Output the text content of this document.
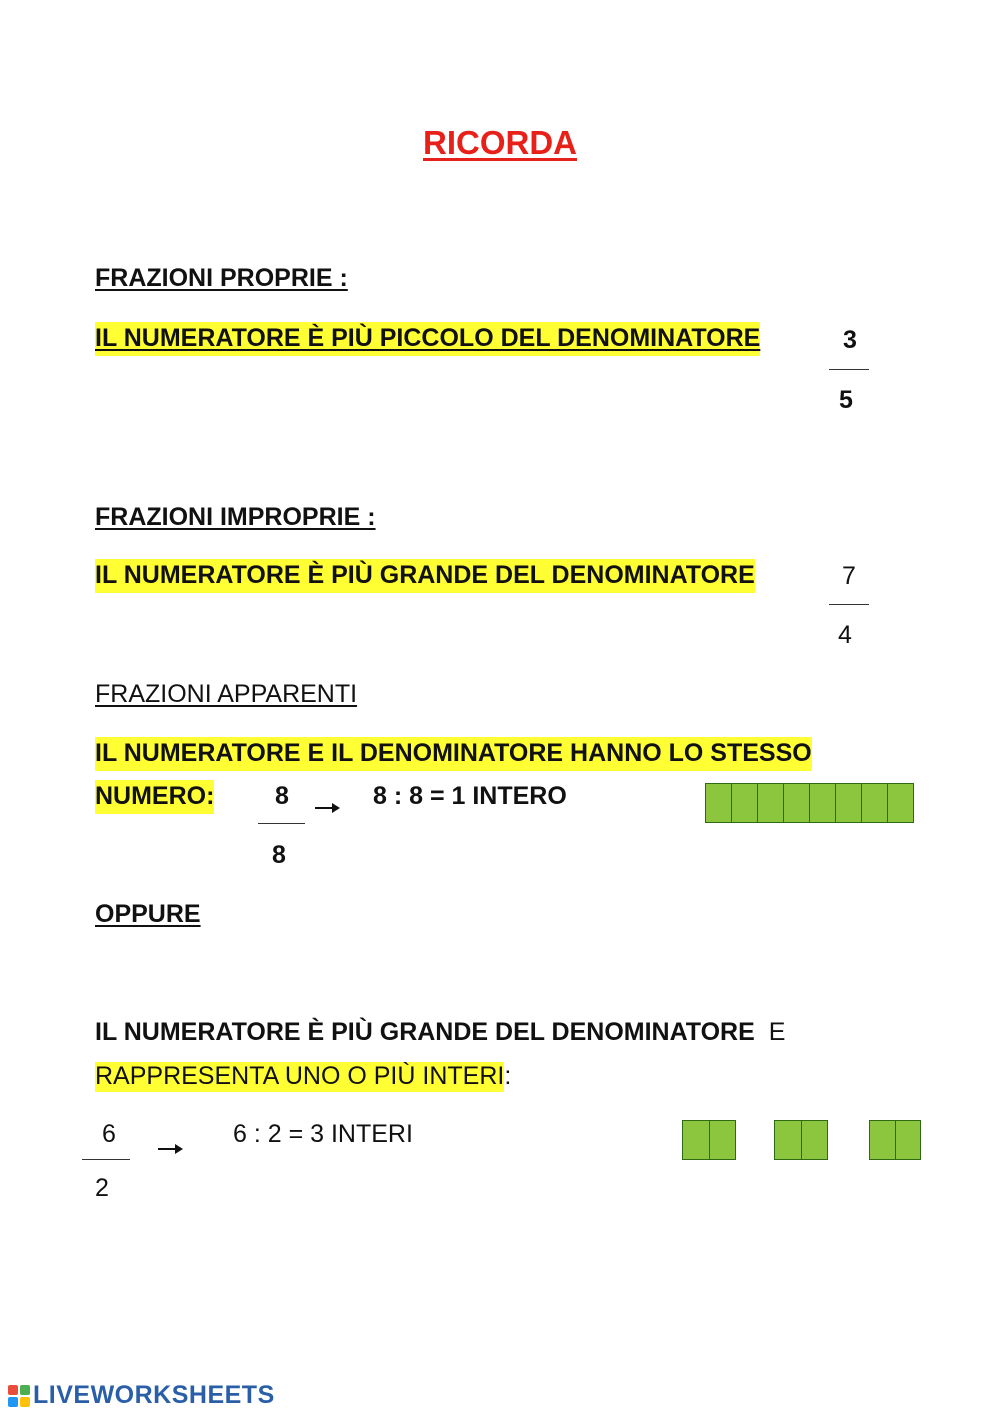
RICORDA
FRAZIONI PROPRIE :
IL NUMERATORE È PIÙ PICCOLO DEL DENOMINATORE	3
5
FRAZIONI IMPROPRIE :
IL NUMERATORE È PIÙ GRANDE DEL DENOMINATORE	7
4
FRAZIONI APPARENTI
IL NUMERATORE E IL DENOMINATORE HANNO LO STESSO
NUMERO: 8
8
8 : 8 = 1 INTERO
OPPURE
IL NUMERATORE È PIÙ GRANDE DEL DENOMINATORE E
RAPPRESENTA UNO O PIÙ INTERI:
6
2
6 : 2 = 3 INTERI
LIVEWORKSHEETS
